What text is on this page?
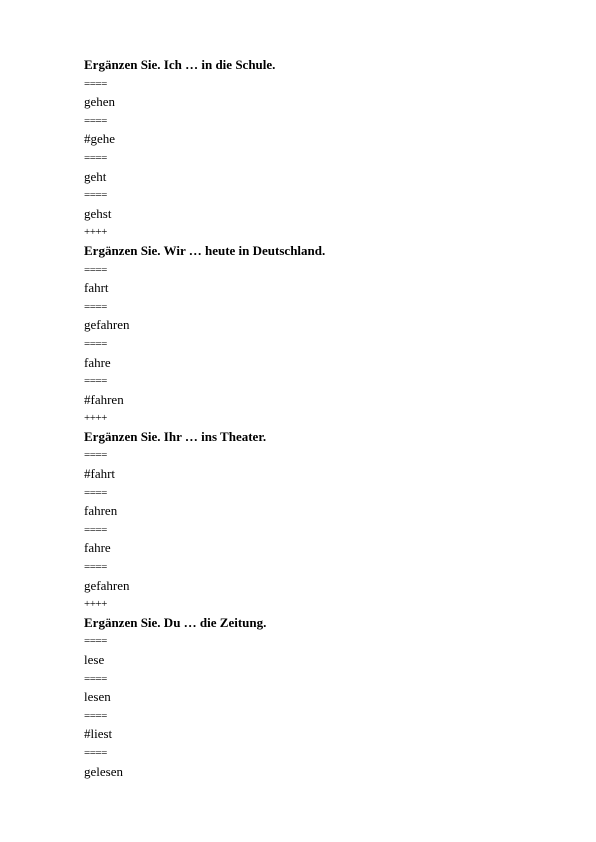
Ergänzen Sie. Ich … in die Schule.
====
gehen
====
#gehe
====
geht
====
gehst
++++
Ergänzen Sie. Wir … heute in Deutschland.
====
fahrt
====
gefahren
====
fahre
====
#fahren
++++
Ergänzen Sie. Ihr … ins Theater.
====
#fahrt
====
fahren
====
fahre
====
gefahren
++++
Ergänzen Sie. Du … die Zeitung.
====
lese
====
lesen
====
#liest
====
gelesen
